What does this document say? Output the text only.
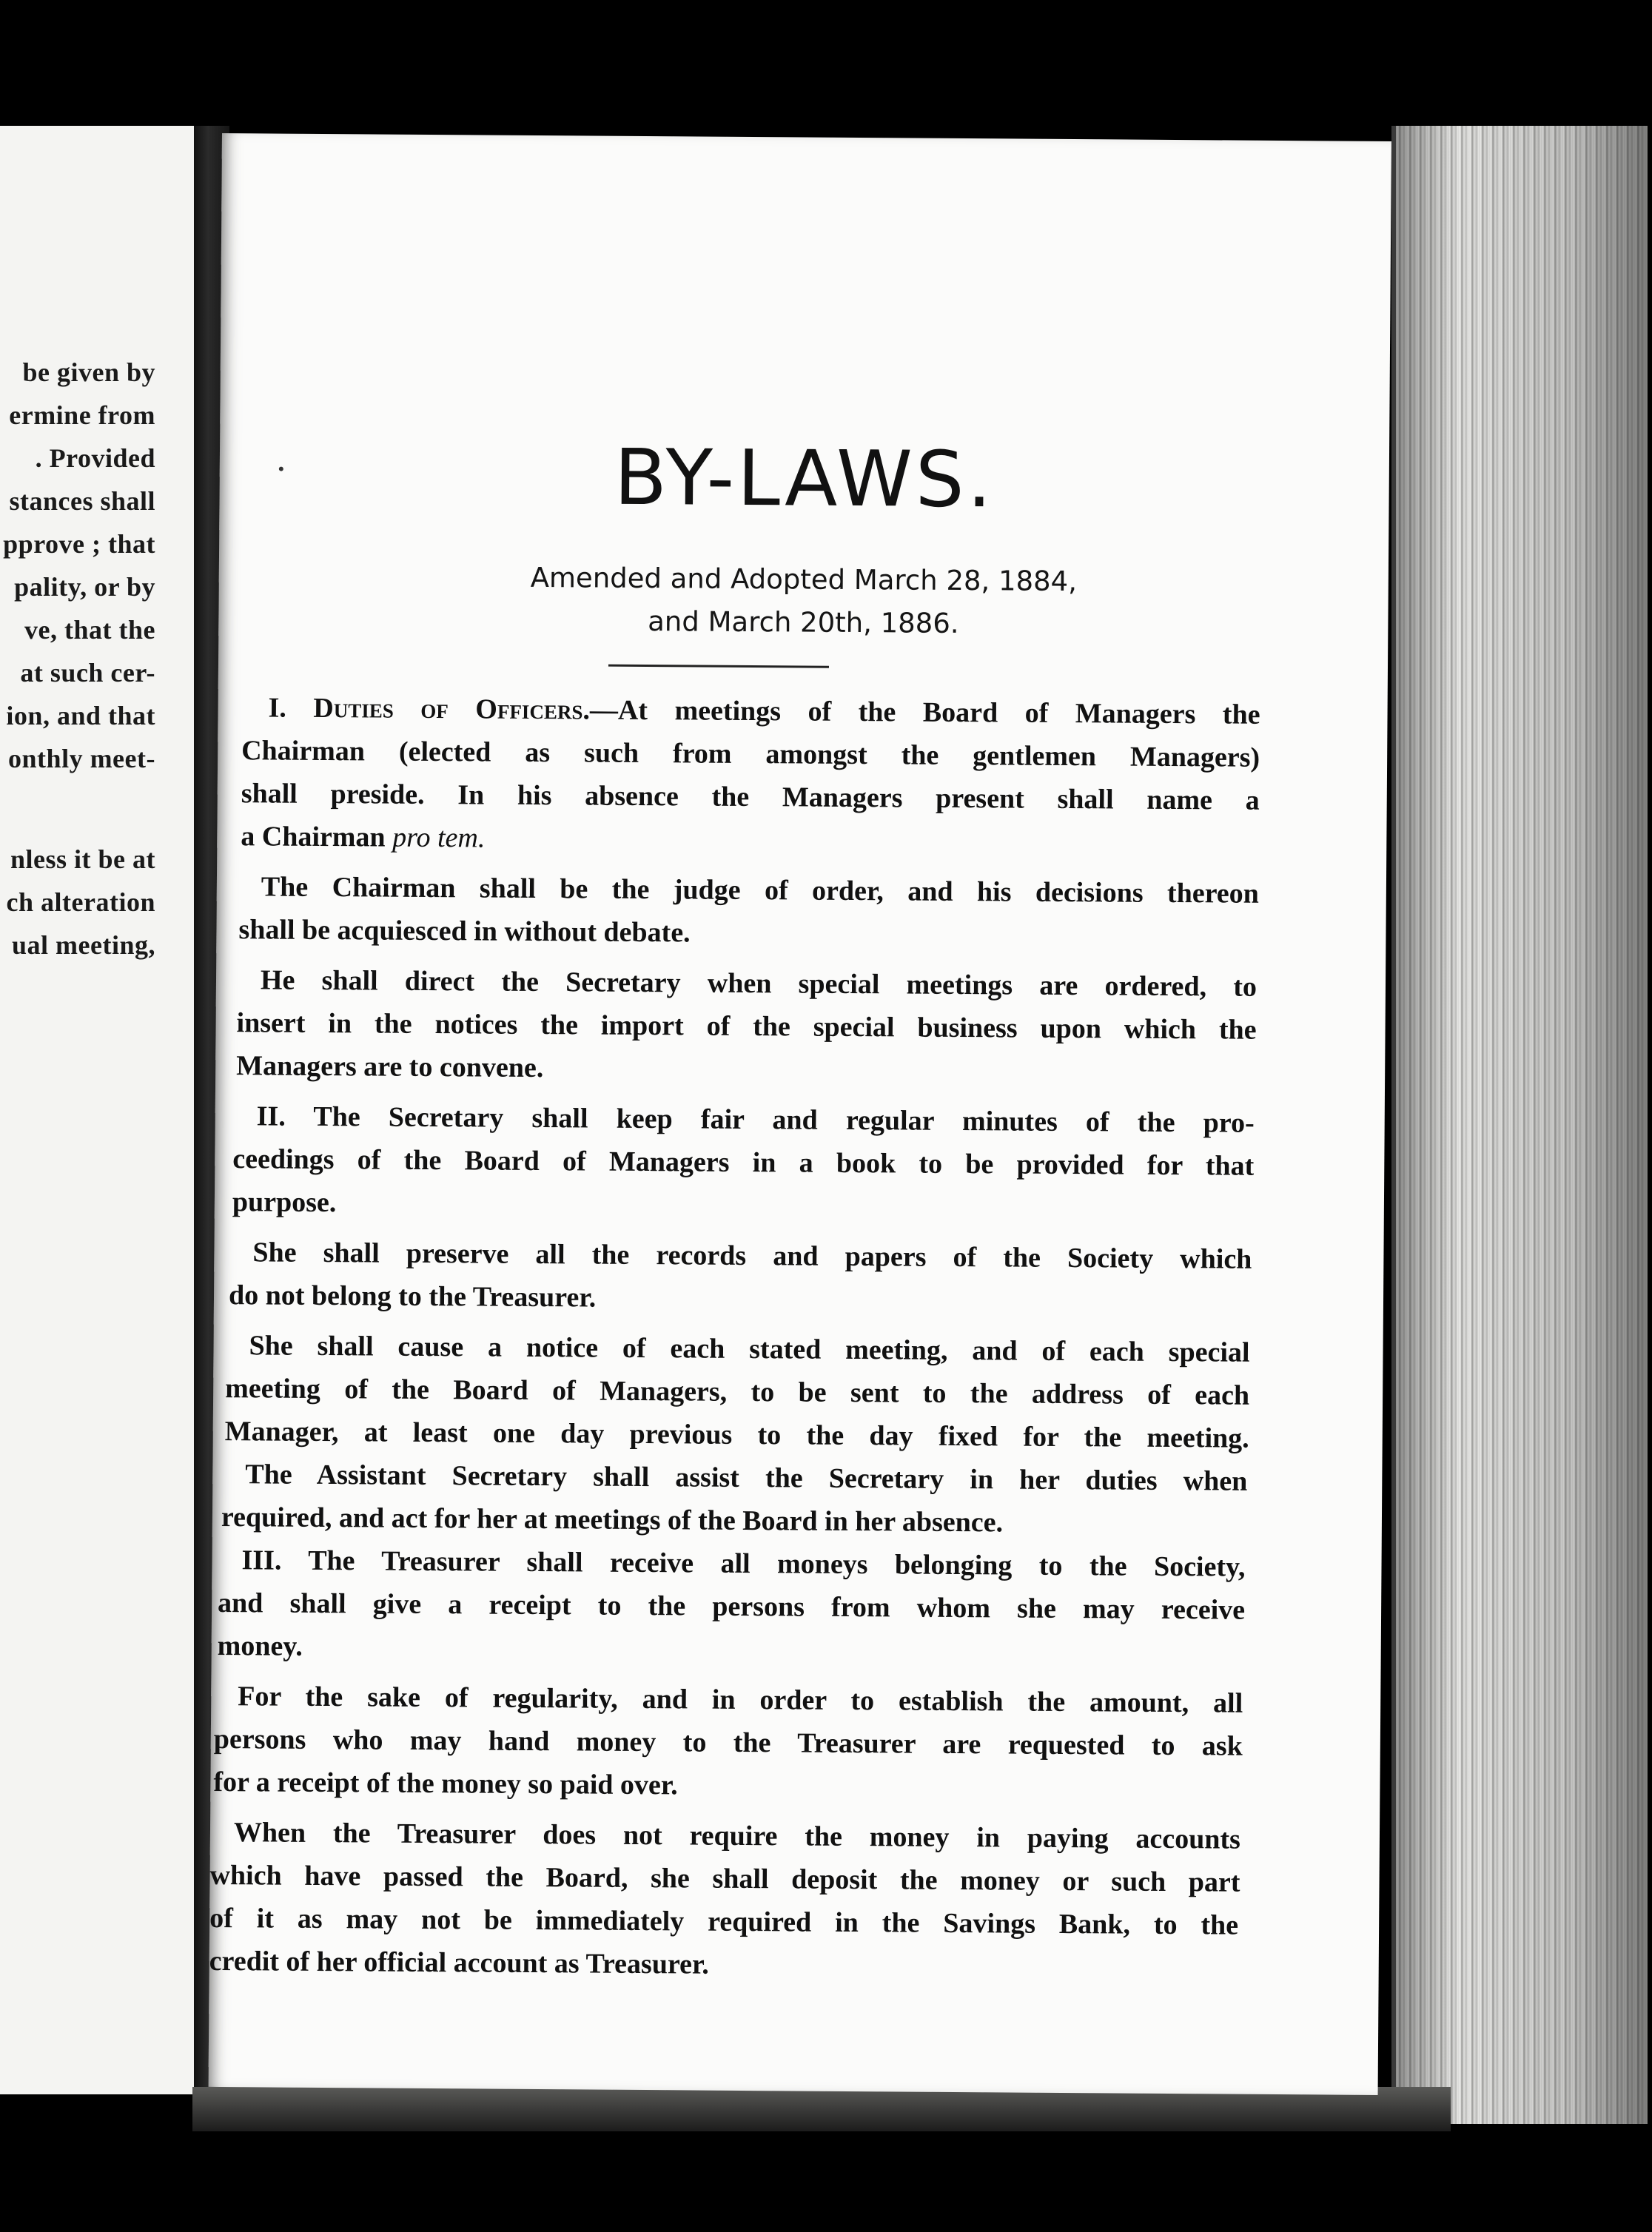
be given by
ermine from
. Provided
stances shall
pprove ; that
pality, or by
ve, that the
at such cer-
ion, and that
onthly meet-
nless it be at
ch alteration
ual meeting,
BY-LAWS.
Amended and Adopted March 28, 1884,
and March 20th, 1886.
I. Duties of Officers.—At meetings of the Board of Managers the
Chairman (elected as such from amongst the gentlemen Managers)
shall preside. In his absence the Managers present shall name a
a Chairman pro tem.
The Chairman shall be the judge of order, and his decisions thereon
shall be acquiesced in without debate.
He shall direct the Secretary when special meetings are ordered, to
insert in the notices the import of the special business upon which the
Managers are to convene.
II. The Secretary shall keep fair and regular minutes of the pro-
ceedings of the Board of Managers in a book to be provided for that
purpose.
She shall preserve all the records and papers of the Society which
do not belong to the Treasurer.
She shall cause a notice of each stated meeting, and of each special
meeting of the Board of Managers, to be sent to the address of each
Manager, at least one day previous to the day fixed for the meeting.
The Assistant Secretary shall assist the Secretary in her duties when
required, and act for her at meetings of the Board in her absence.
III. The Treasurer shall receive all moneys belonging to the Society,
and shall give a receipt to the persons from whom she may receive
money.
For the sake of regularity, and in order to establish the amount, all
persons who may hand money to the Treasurer are requested to ask
for a receipt of the money so paid over.
When the Treasurer does not require the money in paying accounts
which have passed the Board, she shall deposit the money or such part
of it as may not be immediately required in the Savings Bank, to the
credit of her official account as Treasurer.
